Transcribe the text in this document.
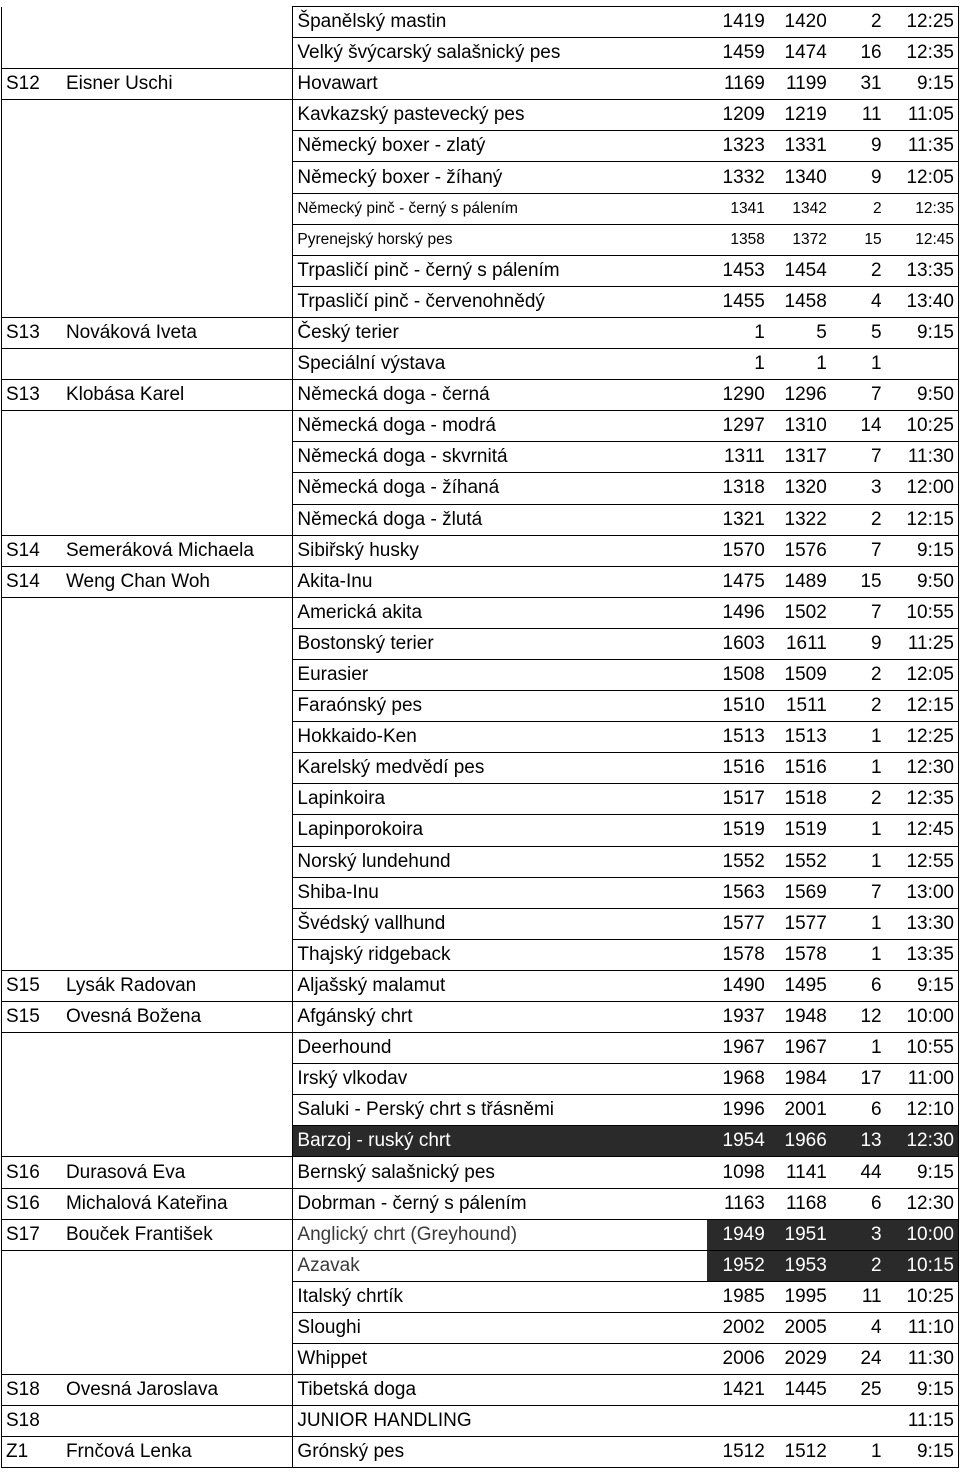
		Španělský mastin	1419	1420	2	12:25
		Velký švýcarský salašnický pes	1459	1474	16	12:35
S12	Eisner Uschi	Hovawart	1169	1199	31	9:15
		Kavkazský pastevecký pes	1209	1219	11	11:05
		Německý boxer - zlatý	1323	1331	9	11:35
		Německý boxer - žíhaný	1332	1340	9	12:05
		Německý pinč - černý s pálením	1341	1342	2	12:35
		Pyrenejský horský pes	1358	1372	15	12:45
		Trpasličí pinč - černý s pálením	1453	1454	2	13:35
		Trpasličí pinč - červenohnědý	1455	1458	4	13:40
S13	Nováková Iveta	Český terier	1	5	5	9:15
		Speciální výstava	1	1	1	
S13	Klobása Karel	Německá doga - černá	1290	1296	7	9:50
		Německá doga - modrá	1297	1310	14	10:25
		Německá doga - skvrnitá	1311	1317	7	11:30
		Německá doga - žíhaná	1318	1320	3	12:00
		Německá doga - žlutá	1321	1322	2	12:15
S14	Semeráková Michaela	Sibiřský husky	1570	1576	7	9:15
S14	Weng Chan Woh	Akita-Inu	1475	1489	15	9:50
		Americká akita	1496	1502	7	10:55
		Bostonský terier	1603	1611	9	11:25
		Eurasier	1508	1509	2	12:05
		Faraónský pes	1510	1511	2	12:15
		Hokkaido-Ken	1513	1513	1	12:25
		Karelský medvědí pes	1516	1516	1	12:30
		Lapinkoira	1517	1518	2	12:35
		Lapinporokoira	1519	1519	1	12:45
		Norský lundehund	1552	1552	1	12:55
		Shiba-Inu	1563	1569	7	13:00
		Švédský vallhund	1577	1577	1	13:30
		Thajský ridgeback	1578	1578	1	13:35
S15	Lysák Radovan	Aljašský malamut	1490	1495	6	9:15
S15	Ovesná Božena	Afgánský chrt	1937	1948	12	10:00
		Deerhound	1967	1967	1	10:55
		Irský vlkodav	1968	1984	17	11:00
		Saluki - Perský chrt s třásněmi	1996	2001	6	12:10
		Barzoj - ruský chrt	1954	1966	13	12:30
S16	Durasová Eva	Bernský salašnický pes	1098	1141	44	9:15
S16	Michalová Kateřina	Dobrman - černý s pálením	1163	1168	6	12:30
S17	Bouček František	Anglický chrt (Greyhound)	1949	1951	3	10:00
		Azavak	1952	1953	2	10:15
		Italský chrtík	1985	1995	11	10:25
		Sloughi	2002	2005	4	11:10
		Whippet	2006	2029	24	11:30
S18	Ovesná Jaroslava	Tibetská doga	1421	1445	25	9:15
S18		JUNIOR HANDLING				11:15
Z1	Frnčová Lenka	Grónský pes	1512	1512	1	9:15
